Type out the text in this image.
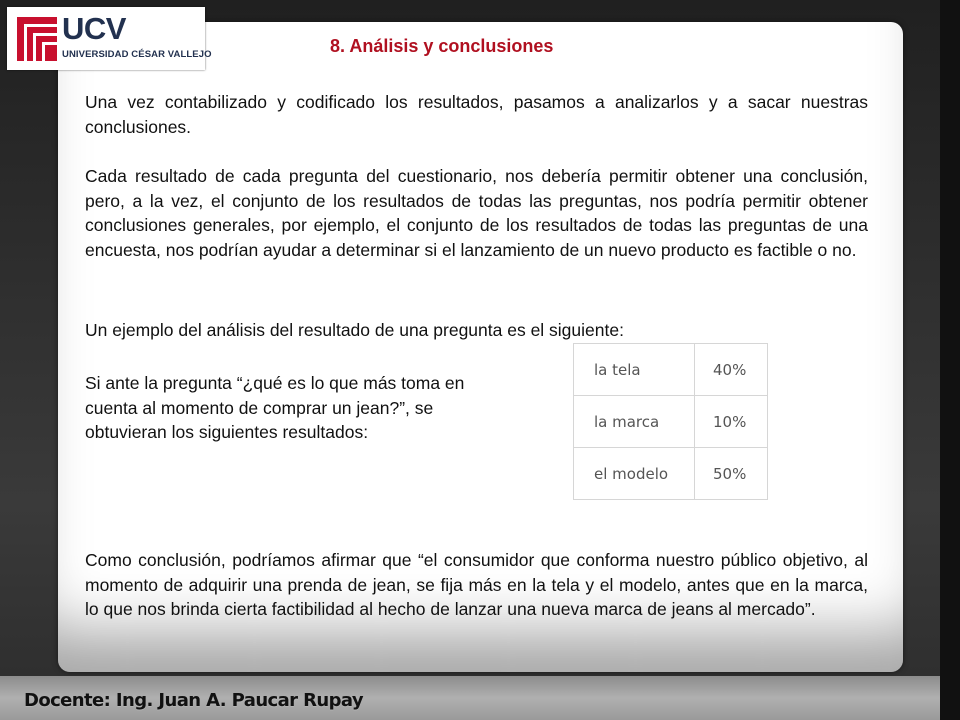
UCV
UNIVERSIDAD CÉSAR VALLEJO	8. Análisis y conclusiones

Una vez contabilizado y codificado los resultados, pasamos a analizarlos y a sacar nuestras conclusiones.

Cada resultado de cada pregunta del cuestionario, nos debería permitir obtener una conclusión, pero, a la vez, el conjunto de los resultados de todas las preguntas, nos podría permitir obtener conclusiones generales, por ejemplo, el conjunto de los resultados de todas las preguntas de una encuesta, nos podrían ayudar a determinar si el lanzamiento de un nuevo producto es factible o no.

Un ejemplo del análisis del resultado de una pregunta es el siguiente:

Si ante la pregunta “¿qué es lo que más toma en cuenta al momento de comprar un jean?”, se obtuvieran los siguientes resultados:

la tela	40%
la marca	10%
el modelo	50%

Como conclusión, podríamos afirmar que “el consumidor que conforma nuestro público objetivo, al momento de adquirir una prenda de jean, se fija más en la tela y el modelo, antes que en la marca, lo que nos brinda cierta factibilidad al hecho de lanzar una nueva marca de jeans al mercado”.

Docente: Ing. Juan A. Paucar Rupay
